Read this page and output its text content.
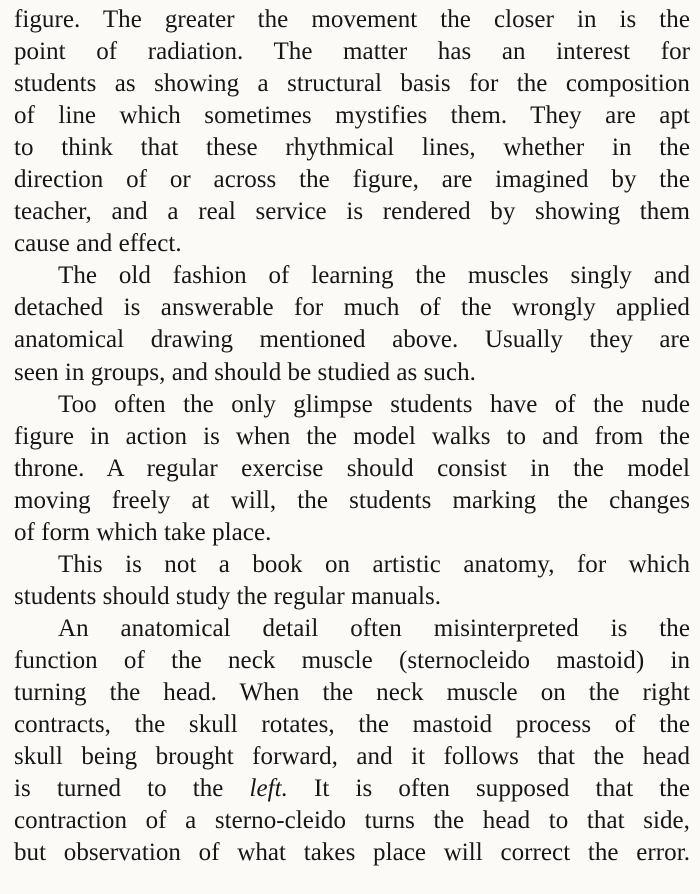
figure. The greater the movement the closer in is the
point of radiation. The matter has an interest for
students as showing a structural basis for the composition
of line which sometimes mystifies them. They are apt
to think that these rhythmical lines, whether in the
direction of or across the figure, are imagined by the
teacher, and a real service is rendered by showing them
cause and effect.
The old fashion of learning the muscles singly and
detached is answerable for much of the wrongly applied
anatomical drawing mentioned above. Usually they are
seen in groups, and should be studied as such.
Too often the only glimpse students have of the nude
figure in action is when the model walks to and from the
throne. A regular exercise should consist in the model
moving freely at will, the students marking the changes
of form which take place.
This is not a book on artistic anatomy, for which
students should study the regular manuals.
An anatomical detail often misinterpreted is the
function of the neck muscle (sternocleido mastoid) in
turning the head. When the neck muscle on the right
contracts, the skull rotates, the mastoid process of the
skull being brought forward, and it follows that the head
is turned to the left. It is often supposed that the
contraction of a sterno-cleido turns the head to that side,
but observation of what takes place will correct the error.
